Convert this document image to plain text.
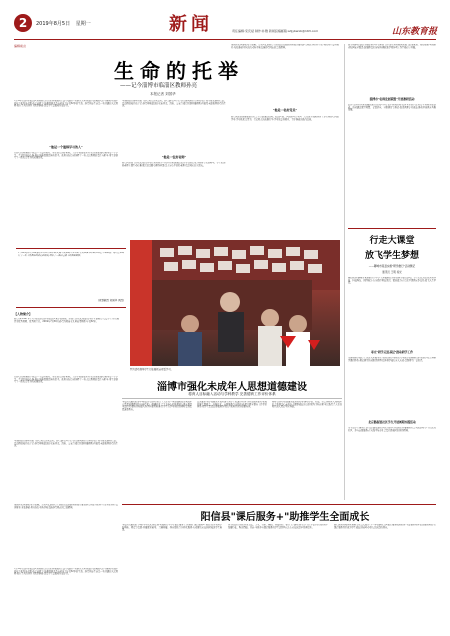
2	2019年8月5日 星期一	新闻	责任编辑:宋庆斌 制作:朴雅 新闻投稿邮箱:sdjybwxb@163.com	山东教育报
编辑前言
生命的托举
——记今淄博市临淄区教师孙亮
本报记者 刘国华
7月30日,淄博市临淄区教师孙亮在山东省某地出差途中,遇到一名落水儿童,他毫不犹豫跳入水中施救,用双手将孩子托举出水面,孩子获救了,他却因体力不支献出了年仅32岁的生命。孙亮同志生前是一名普通的人民教师,他在平凡的岗位上默默奉献,深受学生爱戴和家长好评。
"他是一个值得学习的人"
在孙亮的同事眼中,他是一个爱岗敬业、乐于助人的好老师。工作中他兢兢业业,认真备课,耐心辅导每一个学生。生活中他热心肠,谁有困难都愿意伸出援手。他用实际行动诠释了一名人民教师的责任与担当,用生命谱写了一曲见义勇为的英雄赞歌。
当地群众在现场目睹了孙亮救人的全过程。孙亮跳入河中后,奋力游向落水儿童,将孩子托举起来推向岸边。岸边群众接住孩子后,孙亮却被湍急的水流冲走。消防、公安等部门迅速开展搜救,但最终未能挽回孙亮的生命。
"他是一位好老师"
孙亮自参加工作以来,始终坚守在教育教学一线,所带班级成绩优异,多次获得优秀教师等荣誉称号。学生们说,孙老师上课生动有趣,课后总是耐心解答问题,是大家心中的好老师,也是知心的大朋友。
噩耗传来,同事们无不悲痛。大家回忆起孙亮生前的点点滴滴,纷纷表示要以孙亮同志为榜样,立足本职岗位,爱岗敬业,无私奉献,用实际行动传承和弘扬孙亮同志的崇高精神。
"他是一名好党员"
孙亮同志的英雄事迹在社会上引起强烈反响。临淄区委、区政府号召全区广大党员干部和教育工作者向孙亮同志学习,学习他见义勇为、舍己救人的英雄壮举,学习他爱岗敬业、甘于奉献的高尚品质。
7月30日,孙亮在出差途中得知有孩子落水,毫不犹豫跳入水中救人,托举孩子时被水冲走,不幸牺牲。他用生命践行了一名人民教师的初心和使命,谱写了一曲舍己救人的英雄赞歌。
(视频截图 刘国华 供图)
【人物简介】
孙亮,男,1987年生,中共党员,淄博市临淄区某学校教师。参加工作以来,他始终坚持立德树人,关爱学生,多次被评为优秀教师、优秀班主任。2019年7月30日,孙亮为救落水儿童英勇牺牲,年仅32岁。
图为活动现场学生们在展板前观看学习。
在孙亮的同事眼中,他是一个爱岗敬业、乐于助人的好老师。工作中他兢兢业业,认真备课,耐心辅导每一个学生。生活中他热心肠,谁有困难都愿意伸出援手。他用实际行动诠释了一名人民教师的责任与担当,用生命谱写了一曲见义勇为的英雄赞歌。
当地群众在现场目睹了孙亮救人的全过程。孙亮跳入河中后,奋力游向落水儿童,将孩子托举起来推向岸边。岸边群众接住孩子后,孙亮却被湍急的水流冲走。消防、公安等部门迅速开展搜救,但最终未能挽回孙亮的生命。
噩耗传来,同事们无不悲痛。大家回忆起孙亮生前的点点滴滴,纷纷表示要以孙亮同志为榜样,立足本职岗位,爱岗敬业,无私奉献,用实际行动传承和弘扬孙亮同志的崇高精神。
7月30日,淄博市临淄区教师孙亮在山东省某地出差途中,遇到一名落水儿童,他毫不犹豫跳入水中施救,用双手将孩子托举出水面,孩子获救了,他却因体力不支献出了年仅32岁的生命。孙亮同志生前是一名普通的人民教师,他在平凡的岗位上默默奉献,深受学生爱戴和家长好评。
淄博市强化未成年人思想道德建设
将育人目标融入活动与学科教学 完善德育工作评价体系
本报讯 (通讯员 孙小明)近日,淄博市出台《关于进一步加强和改进未成年人思想道德建设的实施意见》,明确将社会主义核心价值观融入教育教学全过程,将德育目标融入各学科课程标准,让学生在学习知识的同时受到思想道德教育。
意见要求,各学校要充分发挥课堂教学主渠道作用,开齐开足德育课程,积极开展主题班会、升旗仪式、志愿服务等实践活动,建立健全德育工作评价体系,把学生思想品德表现作为综合素质评价的重要内容。
同时,淄博市将加强家庭教育指导,推动学校、家庭、社会协同育人,形成全社会共同关心未成年人健康成长的良好氛围,为培养担当民族复兴大任的时代新人奠定坚实基础。
阳信县"课后服务+"助推学生全面成长
本报讯 (通讯员 李明)今年以来,阳信县全面推行中小学课后服务工作,推出"课后服务+"模式,充分利用学校场地、师资等资源,开展课业辅导、兴趣拓展、体育锻炼等多样化服务,有效解决家长按时接送学生难题。
各学校结合实际,开设书法、美术、音乐、舞蹈、科技制作、棋类等兴趣社团,让学生在丰富多彩的活动中发展特长、陶冶情操。目前,全县参与课后服务的学生达到3万余人,家长满意率显著提升。
阳信县教育和体育局相关负责人表示,下一步将继续完善课后服务保障机制,丰富服务内容,提高服务质量,让课后服务真正成为学生成长的乐园,办好人民满意的教育。
新学期即将来临,为做好秋季开学准备工作,山东省各地教育部门提前谋划、周密部署,全面排查校园安全隐患,加强师资队伍培训,确保新学期各项工作平稳有序开展。
淄博市"名师发展联盟"开展教研活动
近日,淄博市名师发展联盟在张店区举行集中教研活动,来自全市的百余名骨干教师参加活动。活动通过课堂观摩、专题讲座、分组研讨等形式,促进教师专业成长,推动区域教育均衡发展。
行走大课堂
放飞学生梦想
——聊城市某县实施"研学旅行"活动侧记
通讯员 王明 杨光
暑假期间,聊城市某县组织中小学生开展形式多样的研学旅行活动。学生们走进红色教育基地、科技场馆、田间地头,在实践中增长见识、锻炼能力,在行走中感悟家乡变化,放飞人生梦想。
枣庄"研学走进基层"推动研学工作
为推动研学旅行工作深入开展,枣庄市组织研学导师深入基层学校调研指导,帮助学校完善研学课程体系,规范研学活动组织管理,提升研学旅行育人实效,受到师生广泛好评。
北京路街道社区学生开展暑期实践活动
为丰富学生暑期生活,北京路街道社区联合辖区学校组织开展暑期社会实践活动,学生们走进社区、参与志愿服务,在实践中培养社会责任感和团队协作精神。
